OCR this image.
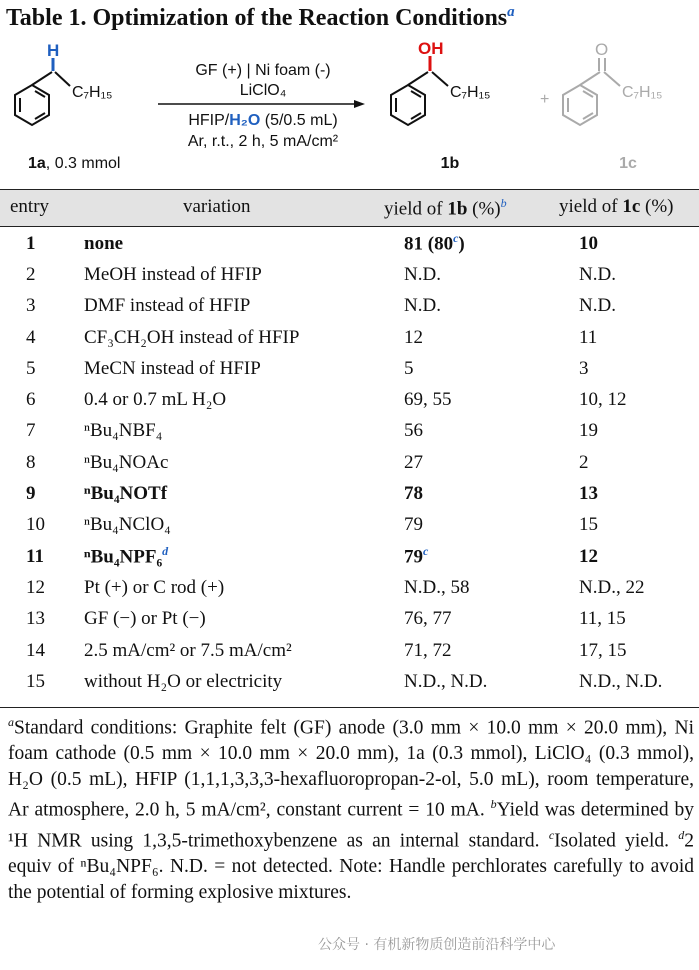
Table 1. Optimization of the Reaction Conditions$^a$
H
C₇H₁₅
1a, 0.3 mmol
GF (+) | Ni foam (-)
LiClO₄
HFIP/H₂O (5/0.5 mL)
Ar, r.t., 2 h, 5 mA/cm²
OH
C₇H₁₅
1b
+
O
C₇H₁₅
1c
entry	variation	yield of 1b (%)$^b$	yield of 1c (%)
1	none	81 (80$^c$)	10
2	MeOH instead of HFIP	N.D.	N.D.
3	DMF instead of HFIP	N.D.	N.D.
4	CF₃CH₂OH instead of HFIP	12	11
5	MeCN instead of HFIP	5	3
6	0.4 or 0.7 mL H₂O	69, 55	10, 12
7	ⁿBu₄NBF₄	56	19
8	ⁿBu₄NOAc	27	2
9	ⁿBu₄NOTf	78	13
10	ⁿBu₄NClO₄	79	15
11	ⁿBu₄NPF₆$^d$	79$^c$	12
12	Pt (+) or C rod (+)	N.D., 58	N.D., 22
13	GF (−) or Pt (−)	76, 77	11, 15
14	2.5 mA/cm² or 7.5 mA/cm²	71, 72	17, 15
15	without H₂O or electricity	N.D., N.D.	N.D., N.D.
$^a$Standard conditions: Graphite felt (GF) anode (3.0 mm × 10.0 mm × 20.0 mm), Ni foam cathode (0.5 mm × 10.0 mm × 20.0 mm), 1a (0.3 mmol), LiClO₄ (0.3 mmol), H₂O (0.5 mL), HFIP (1,1,1,3,3,3-hexafluoropropan-2-ol, 5.0 mL), room temperature, Ar atmosphere, 2.0 h, 5 mA/cm², constant current = 10 mA. $^b$Yield was determined by ¹H NMR using 1,3,5-trimethoxybenzene as an internal standard. $^c$Isolated yield. $^d$2 equiv of ⁿBu₄NPF₆. N.D. = not detected. Note: Handle perchlorates carefully to avoid the potential of forming explosive mixtures.
公众号 · 有机新物质创造前沿科学中心
